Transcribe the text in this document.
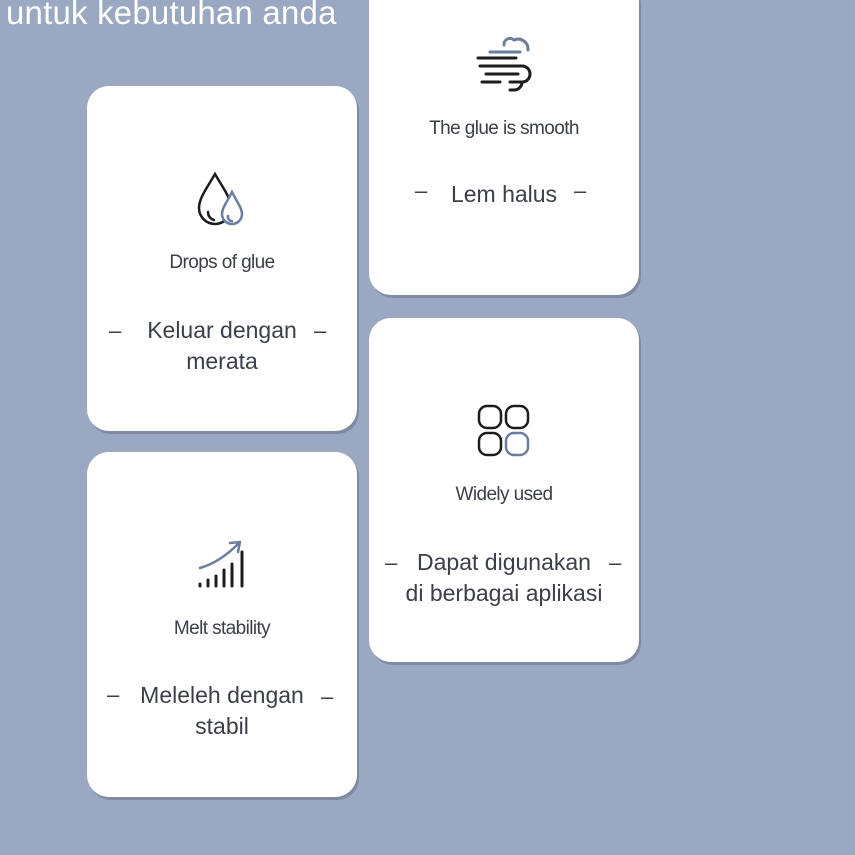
untuk kebutuhan anda
The glue is smooth
–	Lem halus –
Drops of glue
–	Keluar dengan
merata
–
Widely used
– Dapat digunakan
di berbagai aplikasi
–
Melt stability
– Meleleh dengan
stabil
–
